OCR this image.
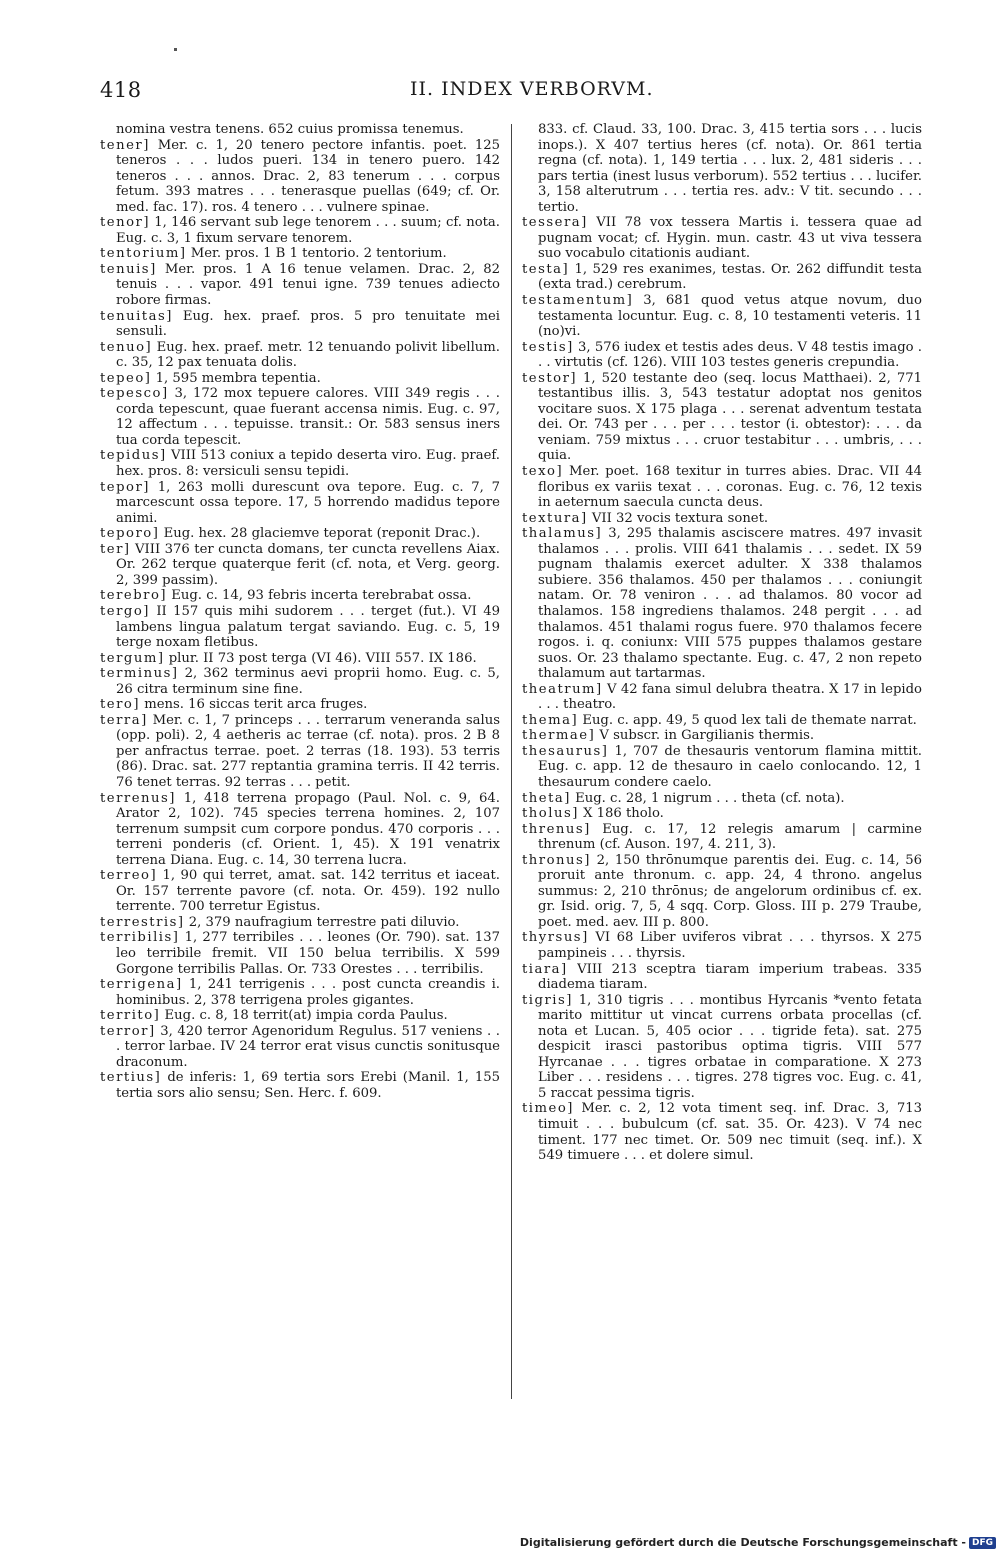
418	II. INDEX VERBORVM.

nomina vestra tenens. 652 cuius promissa tenemus.

tener] Mer. c. 1, 20 tenero pectore infantis. poet. 125 teneros . . . ludos pueri. 134 in tenero puero. 142 teneros . . . annos. Drac. 2, 83 tenerum . . . corpus fetum. 393 matres . . . tenerasque puellas (649; cf. Or. med. fac. 17). ros. 4 tenero . . . vulnere spinae.

tenor] 1, 146 servant sub lege tenorem . . . suum; cf. nota. Eug. c. 3, 1 fixum servare tenorem.

tentorium] Mer. pros. 1 B 1 tentorio. 2 tentorium.

tenuis] Mer. pros. 1 A 16 tenue velamen. Drac. 2, 82 tenuis . . . vapor. 491 tenui igne. 739 tenues adiecto robore firmas.

tenuitas] Eug. hex. praef. pros. 5 pro tenuitate mei sensuli.

tenuo] Eug. hex. praef. metr. 12 tenuando polivit libellum. c. 35, 12 pax tenuata dolis.

tepeo] 1, 595 membra tepentia.

tepesco] 3, 172 mox tepuere calores. VIII 349 regis . . . corda tepescunt, quae fuerant accensa nimis. Eug. c. 97, 12 affectum . . . tepuisse. transit.: Or. 583 sensus iners tua corda tepescit.

tepidus] VIII 513 coniux a tepido deserta viro. Eug. praef. hex. pros. 8: versiculi sensu tepidi.

tepor] 1, 263 molli durescunt ova tepore. Eug. c. 7, 7 marcescunt ossa tepore. 17, 5 horrendo madidus tepore animi.

teporo] Eug. hex. 28 glaciemve teporat (reponit Drac.).

ter] VIII 376 ter cuncta domans, ter cuncta revellens Aiax. Or. 262 terque quaterque ferit (cf. nota, et Verg. georg. 2, 399 passim).

terebro] Eug. c. 14, 93 febris incerta terebrabat ossa.

tergo] II 157 quis mihi sudorem . . . terget (fut.). VI 49 lambens lingua palatum tergat saviando. Eug. c. 5, 19 terge noxam fletibus.

tergum] plur. II 73 post terga (VI 46). VIII 557. IX 186.

terminus] 2, 362 terminus aevi proprii homo. Eug. c. 5, 26 citra terminum sine fine.

tero] mens. 16 siccas terit arca fruges.

terra] Mer. c. 1, 7 princeps . . . terrarum veneranda salus (opp. poli). 2, 4 aetheris ac terrae (cf. nota). pros. 2 B 8 per anfractus terrae. poet. 2 terras (18. 193). 53 terris (86). Drac. sat. 277 reptantia gramina terris. II 42 terris. 76 tenet terras. 92 terras . . . petit.

terrenus] 1, 418 terrena propago (Paul. Nol. c. 9, 64. Arator 2, 102). 745 species terrena homines. 2, 107 terrenum sumpsit cum corpore pondus. 470 corporis . . . terreni ponderis (cf. Orient. 1, 45). X 191 venatrix terrena Diana. Eug. c. 14, 30 terrena lucra.

terreo] 1, 90 qui terret, amat. sat. 142 territus et iaceat. Or. 157 terrente pavore (cf. nota. Or. 459). 192 nullo terrente. 700 terretur Egistus.

terrestris] 2, 379 naufragium terrestre pati diluvio.

terribilis] 1, 277 terribiles . . . leones (Or. 790). sat. 137 leo terribile fremit. VII 150 belua terribilis. X 599 Gorgone terribilis Pallas. Or. 733 Orestes . . . terribilis.

terrigena] 1, 241 terrigenis . . . post cuncta creandis i. hominibus. 2, 378 terrigena proles gigantes.

territo] Eug. c. 8, 18 territ(at) impia corda Paulus.

terror] 3, 420 terror Agenoridum Regulus. 517 veniens . . . terror larbae. IV 24 terror erat visus cunctis sonitusque draconum.

tertius] de inferis: 1, 69 tertia sors Erebi (Manil. 1, 155 tertia sors alio sensu; Sen. Herc. f. 609.

833. cf. Claud. 33, 100. Drac. 3, 415 tertia sors . . . lucis inops.). X 407 tertius heres (cf. nota). Or. 861 tertia regna (cf. nota). 1, 149 tertia . . . lux. 2, 481 sideris . . . pars tertia (inest lusus verborum). 552 tertius . . . lucifer. 3, 158 alterutrum . . . tertia res. adv.: V tit. secundo . . . tertio.

tessera] VII 78 vox tessera Martis i. tessera quae ad pugnam vocat; cf. Hygin. mun. castr. 43 ut viva tessera suo vocabulo citationis audiant.

testa] 1, 529 res exanimes, testas. Or. 262 diffundit testa (exta trad.) cerebrum.

testamentum] 3, 681 quod vetus atque novum, duo testamenta locuntur. Eug. c. 8, 10 testamenti veteris. 11 (no)vi.

testis] 3, 576 iudex et testis ades deus. V 48 testis imago . . . virtutis (cf. 126). VIII 103 testes generis crepundia.

testor] 1, 520 testante deo (seq. locus Matthaei). 2, 771 testantibus illis. 3, 543 testatur adoptat nos genitos vocitare suos. X 175 plaga . . . serenat adventum testata dei. Or. 743 per . . . per . . . testor (i. obtestor): . . . da veniam. 759 mixtus . . . cruor testabitur . . . umbris, . . . quia.

texo] Mer. poet. 168 texitur in turres abies. Drac. VII 44 floribus ex variis texat . . . coronas. Eug. c. 76, 12 texis in aeternum saecula cuncta deus.

textura] VII 32 vocis textura sonet.

thalamus] 3, 295 thalamis asciscere matres. 497 invasit thalamos . . . prolis. VIII 641 thalamis . . . sedet. IX 59 pugnam thalamis exercet adulter. X 338 thalamos subiere. 356 thalamos. 450 per thalamos . . . coniungit natam. Or. 78 veniron . . . ad thalamos. 80 vocor ad thalamos. 158 ingrediens thalamos. 248 pergit . . . ad thalamos. 451 thalami rogus fuere. 970 thalamos fecere rogos. i. q. coniunx: VIII 575 puppes thalamos gestare suos. Or. 23 thalamo spectante. Eug. c. 47, 2 non repeto thalamum aut tartarmas.

theatrum] V 42 fana simul delubra theatra. X 17 in lepido . . . theatro.

thema] Eug. c. app. 49, 5 quod lex tali de themate narrat.

thermae] V subscr. in Gargilianis thermis.

thesaurus] 1, 707 de thesauris ventorum flamina mittit. Eug. c. app. 12 de thesauro in caelo conlocando. 12, 1 thesaurum condere caelo.

theta] Eug. c. 28, 1 nigrum . . . theta (cf. nota).

tholus] X 186 tholo.

threnus] Eug. c. 17, 12 relegis amarum | carmine threnum (cf. Auson. 197, 4. 211, 3).

thronus] 2, 150 thrōnumque parentis dei. Eug. c. 14, 56 proruit ante thronum. c. app. 24, 4 throno. angelus summus: 2, 210 thrōnus; de angelorum ordinibus cf. ex. gr. Isid. orig. 7, 5, 4 sqq. Corp. Gloss. III p. 279 Traube, poet. med. aev. III p. 800.

thyrsus] VI 68 Liber uviferos vibrat . . . thyrsos. X 275 pampineis . . . thyrsis.

tiara] VIII 213 sceptra tiaram imperium trabeas. 335 diadema tiaram.

tigris] 1, 310 tigris . . . montibus Hyrcanis *vento fetata marito mittitur ut vincat currens orbata procellas (cf. nota et Lucan. 5, 405 ocior . . . tigride feta). sat. 275 despicit irasci pastoribus optima tigris. VIII 577 Hyrcanae . . . tigres orbatae in comparatione. X 273 Liber . . . residens . . . tigres. 278 tigres voc. Eug. c. 41, 5 raccat pessima tigris.

timeo] Mer. c. 2, 12 vota timent seq. inf. Drac. 3, 713 timuit . . . bubulcum (cf. sat. 35. Or. 423). V 74 nec timent. 177 nec timet. Or. 509 nec timuit (seq. inf.). X 549 timuere . . . et dolere simul.

Digitalisierung gefördert durch die Deutsche Forschungsgemeinschaft - DFG
